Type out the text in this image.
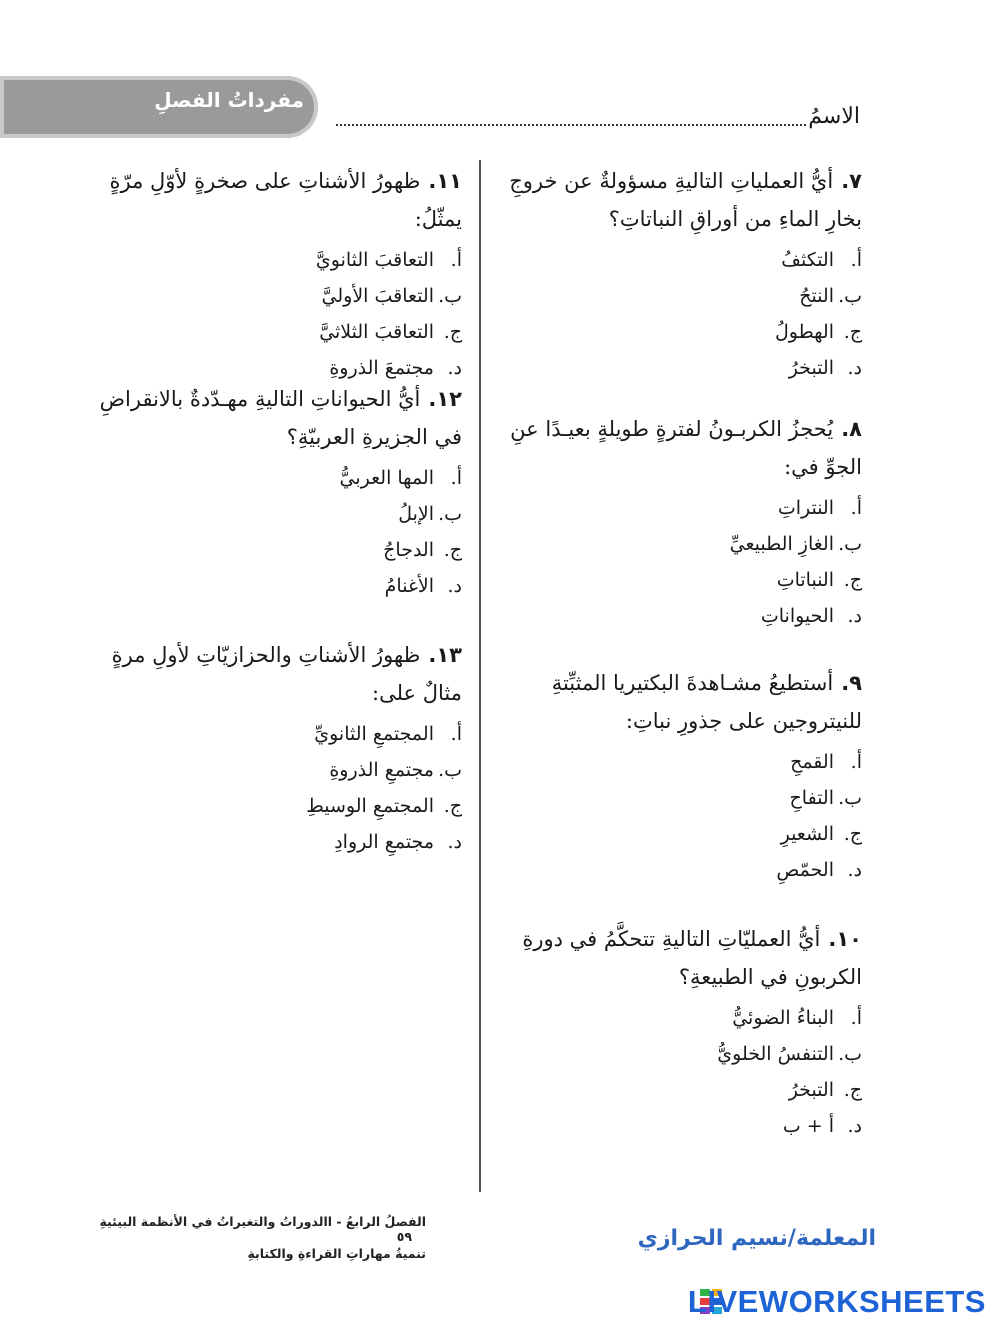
مفرداتُ الفصلِ
الاسمُ
٧.أيُّ العملياتِ التاليةِ مسؤولةٌ عن خروجِ بخارِ الماءِ من أوراقِ النباتاتِ؟
أ.التكثفُ
ب.النتحُ
ج.الهطولُ
د.التبخرُ
٨.يُحجزُ الكربـونُ لفترةٍ طويلةٍ بعيـدًا عنِ الجوِّ في:
أ.النتراتِ
ب.الغازِ الطبيعيِّ
ج.النباتاتِ
د.الحيواناتِ
٩.أستطيعُ مشـاهدةَ البكتيريا المثبِّتةِ للنيتروجين على جذورِ نباتِ:
أ.القمحِ
ب.التفاحِ
ج.الشعيرِ
د.الحمّصِ
١٠.أيُّ العمليّاتِ التاليةِ تتحكَّمُ في دورةِ الكربونِ في الطبيعةِ؟
أ.البناءُ الضوئيُّ
ب.التنفسُ الخلويُّ
ج.التبخرُ
د.أ + ب
١١.ظهورُ الأشناتِ على صخرةٍ لأوّلِ مرّةٍ يمثّلُ:
أ.التعاقبَ الثانويَّ
ب.التعاقبَ الأوليَّ
ج.التعاقبَ الثلاثيَّ
د.مجتمعَ الذروةِ
١٢.أيُّ الحيواناتِ التاليةِ مهـدّدةٌ بالانقراضِ في الجزيرةِ العربيّةِ؟
أ.المها العربيُّ
ب.الإبلُ
ج.الدجاجُ
د.الأغنامُ
١٣.ظهورُ الأشناتِ والحزازيّاتِ لأولِ مرةٍ مثالٌ على:
أ.المجتمعِ الثانويِّ
ب.مجتمعِ الذروةِ
ج.المجتمعِ الوسيطِ
د.مجتمعِ الروادِ
الفصلُ الرابعُ - االدوراتُ والتغيراتُ في الأنظمة البيئيةِ ٥٩
تنميةُ مهاراتِ القراءةِ والكتابةِ
المعلمة/نسيم الحرازي
LIVEWORKSHEETS
